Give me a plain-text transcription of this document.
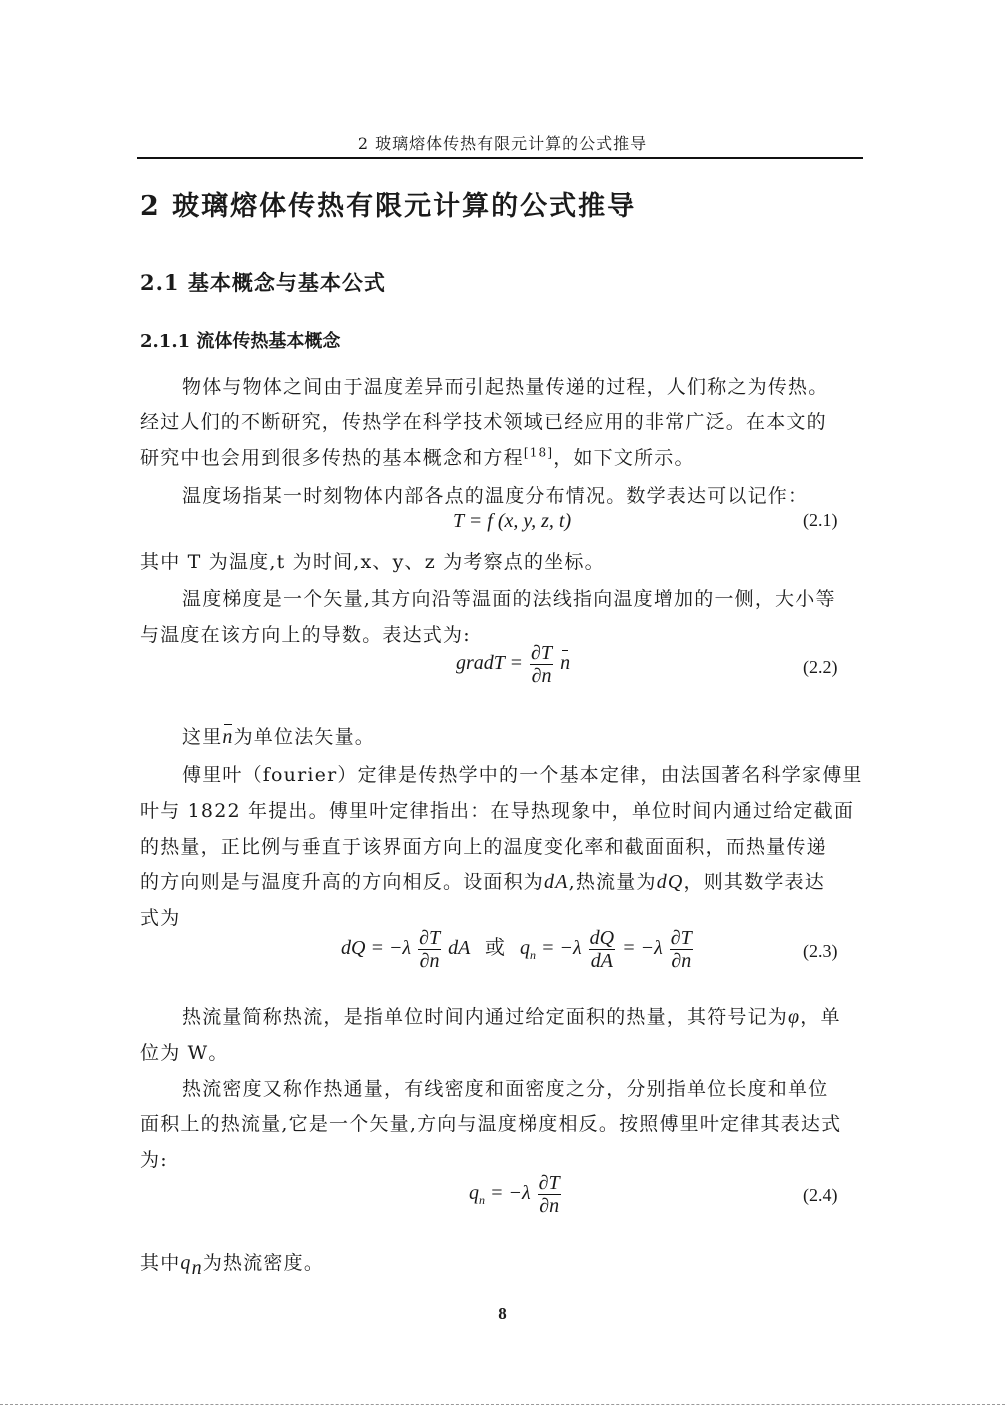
2 玻璃熔体传热有限元计算的公式推导
2 玻璃熔体传热有限元计算的公式推导
2.1 基本概念与基本公式
2.1.1 流体传热基本概念
物体与物体之间由于温度差异而引起热量传递的过程，人们称之为传热。
经过人们的不断研究，传热学在科学技术领域已经应用的非常广泛。在本文的
研究中也会用到很多传热的基本概念和方程[18]，如下文所示。
温度场指某一时刻物体内部各点的温度分布情况。数学表达可以记作：
T = f (x, y, z, t)	(2.1)
其中 T 为温度,t 为时间,x、y、z 为考察点的坐标。
温度梯度是一个矢量,其方向沿等温面的法线指向温度增加的一侧，大小等
与温度在该方向上的导数。表达式为:
gradT = $\frac{\partial T}{\partial n}$ n	(2.2)
这里n为单位法矢量。
傅里叶（fourier）定律是传热学中的一个基本定律，由法国著名科学家傅里
叶与 1822 年提出。傅里叶定律指出：在导热现象中，单位时间内通过给定截面
的热量，正比例与垂直于该界面方向上的温度变化率和截面面积，而热量传递
的方向则是与温度升高的方向相反。设面积为dA,热流量为dQ，则其数学表达
式为
dQ = $-\lambda \frac{\partial T}{\partial n}$ dA 或 $q_n = -\lambda \frac{dQ}{dA} = -\lambda \frac{\partial T}{\partial n}$	(2.3)
热流量简称热流，是指单位时间内通过给定面积的热量，其符号记为φ，单
位为 W。
热流密度又称作热通量，有线密度和面密度之分，分别指单位长度和单位
面积上的热流量,它是一个矢量,方向与温度梯度相反。按照傅里叶定律其表达式
为:
$q_n = -\lambda \frac{\partial T}{\partial n}$	(2.4)
其中$q_n$为热流密度。
8
